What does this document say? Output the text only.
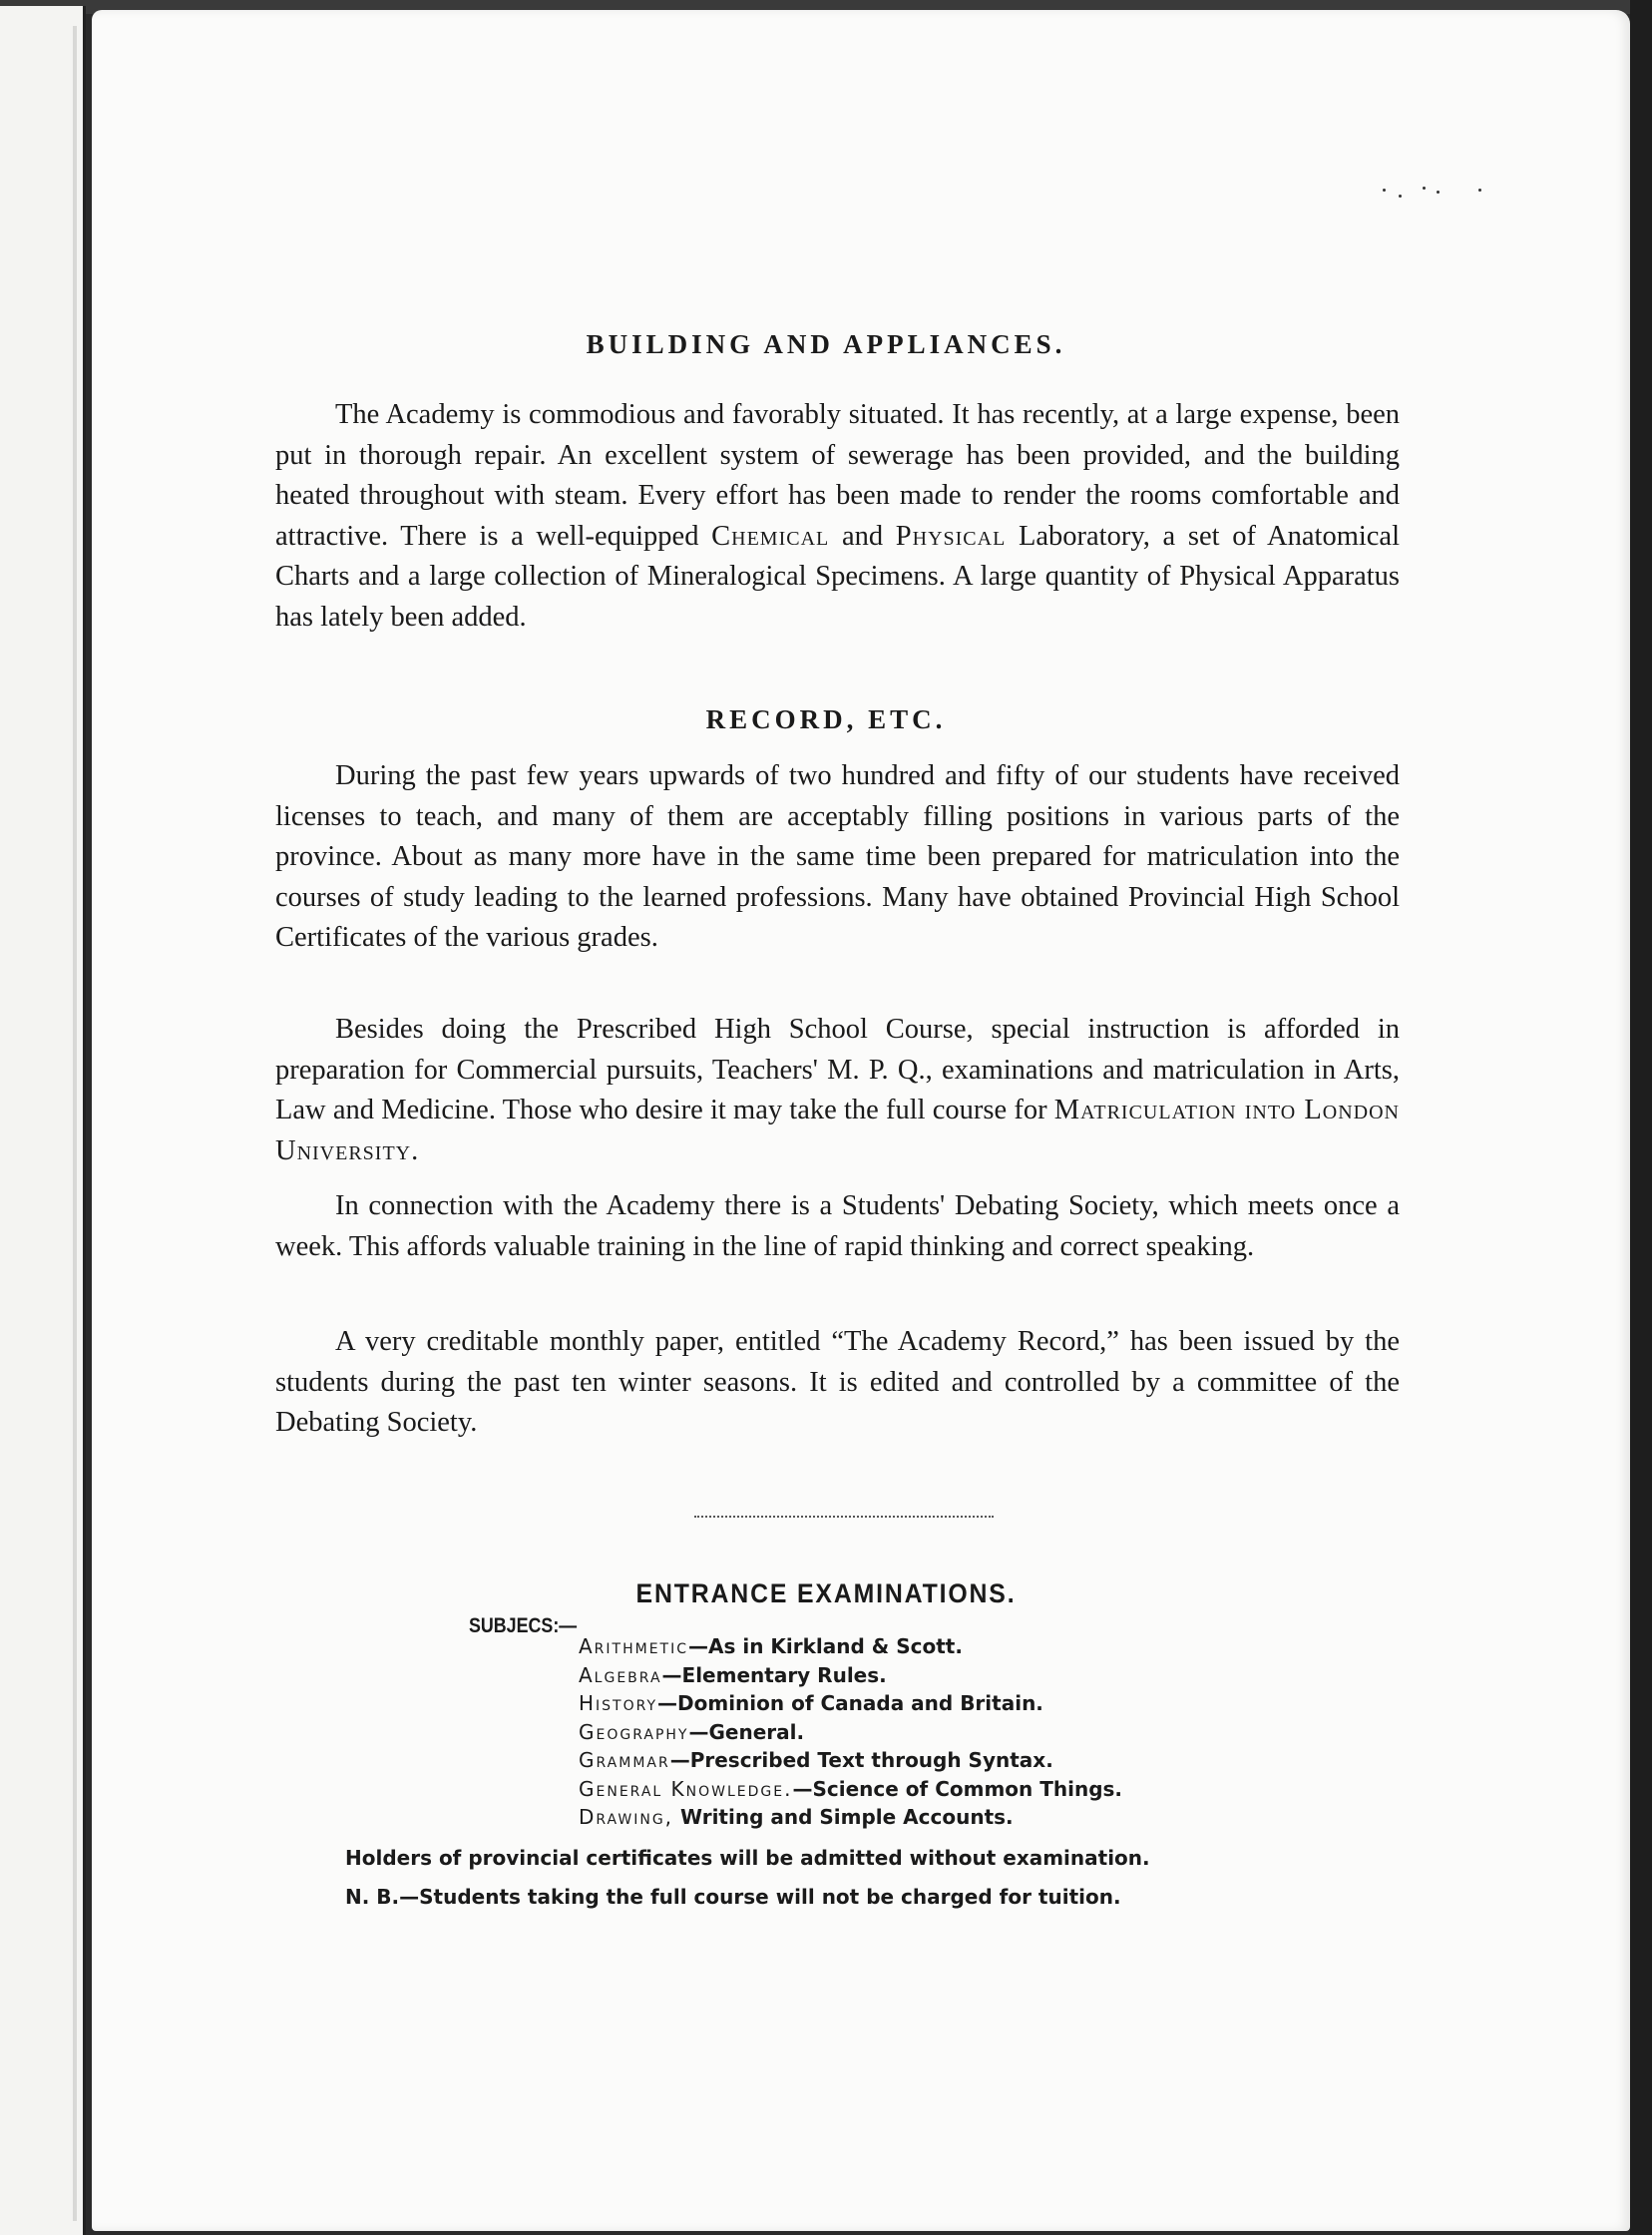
BUILDING AND APPLIANCES.

The Academy is commodious and favorably situated. It has recently, at a large expense, been put in thorough repair. An excellent system of sewerage has been provided, and the building heated throughout with steam. Every effort has been made to render the rooms comfortable and attractive. There is a well-equipped Chemical and Physical Laboratory, a set of Anatomical Charts and a large collection of Mineralogical Specimens. A large quantity of Physical Apparatus has lately been added.

RECORD, ETC.

During the past few years upwards of two hundred and fifty of our students have received licenses to teach, and many of them are acceptably filling positions in various parts of the province. About as many more have in the same time been prepared for matriculation into the courses of study leading to the learned professions. Many have obtained Provincial High School Certificates of the various grades.

Besides doing the Prescribed High School Course, special instruction is afforded in preparation for Commercial pursuits, Teachers' M. P. Q., examinations and matriculation in Arts, Law and Medicine. Those who desire it may take the full course for Matriculation into London University.

In connection with the Academy there is a Students' Debating Society, which meets once a week. This affords valuable training in the line of rapid thinking and correct speaking.

A very creditable monthly paper, entitled “The Academy Record,” has been issued by the students during the past ten winter seasons. It is edited and controlled by a committee of the Debating Society.

ENTRANCE EXAMINATIONS.
SUBJECS:—
Arithmetic—As in Kirkland & Scott.
Algebra—Elementary Rules.
History—Dominion of Canada and Britain.
Geography—General.
Grammar—Prescribed Text through Syntax.
General Knowledge.—Science of Common Things.
Drawing, Writing and Simple Accounts.
Holders of provincial certificates will be admitted without examination.
N. B.—Students taking the full course will not be charged for tuition.
